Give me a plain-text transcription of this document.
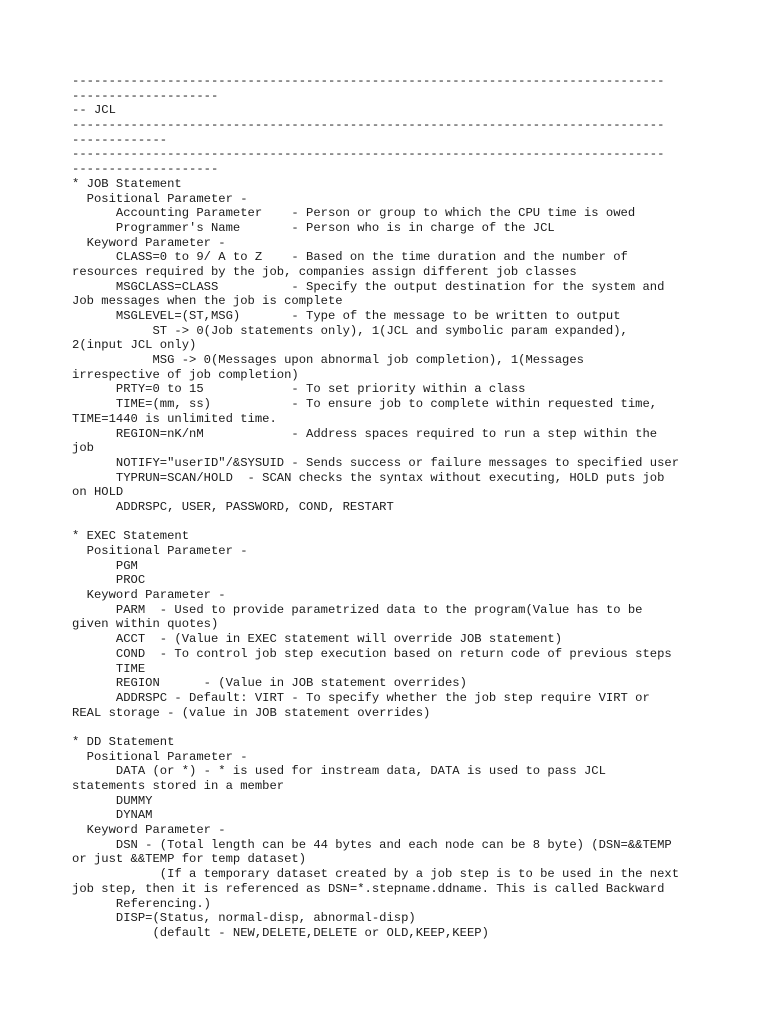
---------------------------------------------------------------------------------
--------------------
-- JCL
---------------------------------------------------------------------------------
-------------
---------------------------------------------------------------------------------
--------------------
* JOB Statement
Positional Parameter -
Accounting Parameter    - Person or group to which the CPU time is owed
Programmer's Name       - Person who is in charge of the JCL
Keyword Parameter -
CLASS=0 to 9/ A to Z    - Based on the time duration and the number of
resources required by the job, companies assign different job classes
MSGCLASS=CLASS          - Specify the output destination for the system and
Job messages when the job is complete
MSGLEVEL=(ST,MSG)       - Type of the message to be written to output
ST -> 0(Job statements only), 1(JCL and symbolic param expanded),
2(input JCL only)
MSG -> 0(Messages upon abnormal job completion), 1(Messages
irrespective of job completion)
PRTY=0 to 15            - To set priority within a class
TIME=(mm, ss)           - To ensure job to complete within requested time,
TIME=1440 is unlimited time.
REGION=nK/nM            - Address spaces required to run a step within the
job
NOTIFY="userID"/&SYSUID - Sends success or failure messages to specified user
TYPRUN=SCAN/HOLD  - SCAN checks the syntax without executing, HOLD puts job
on HOLD
ADDRSPC, USER, PASSWORD, COND, RESTART
* EXEC Statement
Positional Parameter -
PGM
PROC
Keyword Parameter -
PARM  - Used to provide parametrized data to the program(Value has to be
given within quotes)
ACCT  - (Value in EXEC statement will override JOB statement)
COND  - To control job step execution based on return code of previous steps
TIME
REGION      - (Value in JOB statement overrides)
ADDRSPC - Default: VIRT - To specify whether the job step require VIRT or
REAL storage - (value in JOB statement overrides)
* DD Statement
Positional Parameter -
DATA (or *) - * is used for instream data, DATA is used to pass JCL
statements stored in a member
DUMMY
DYNAM
Keyword Parameter -
DSN - (Total length can be 44 bytes and each node can be 8 byte) (DSN=&&TEMP
or just &&TEMP for temp dataset)
(If a temporary dataset created by a job step is to be used in the next
job step, then it is referenced as DSN=*.stepname.ddname. This is called Backward
Referencing.)
DISP=(Status, normal-disp, abnormal-disp)
(default - NEW,DELETE,DELETE or OLD,KEEP,KEEP)
